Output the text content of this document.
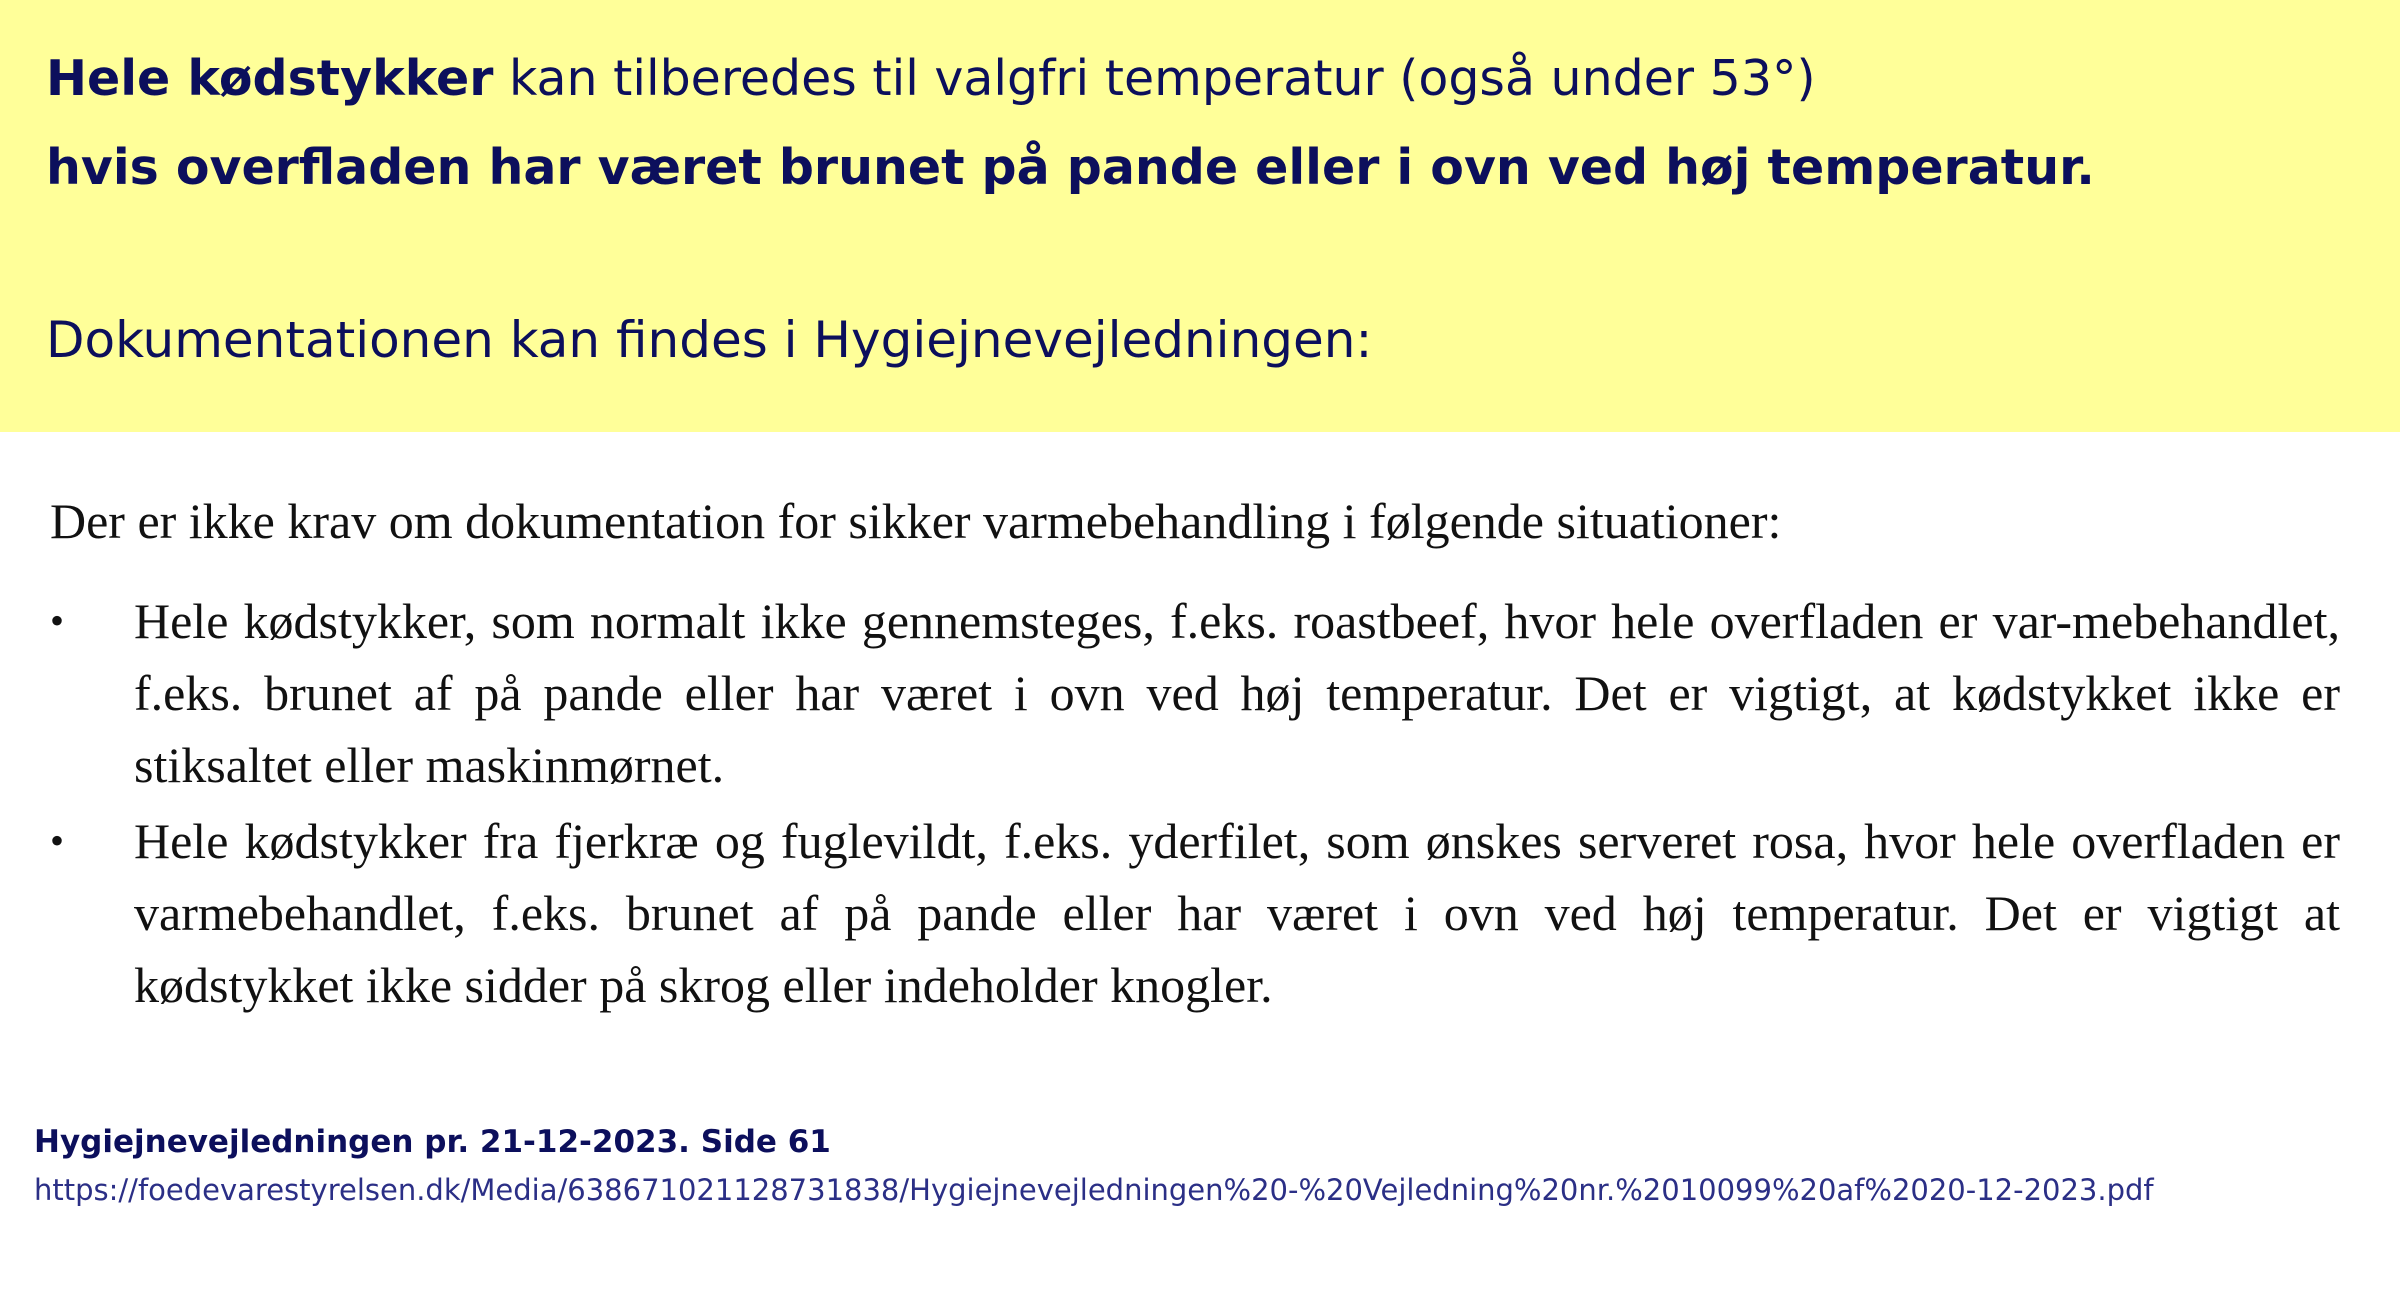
Hele kødstykker kan tilberedes til valgfri temperatur (også under 53°)

hvis overfladen har været brunet på pande eller i ovn ved høj temperatur.

Dokumentationen kan findes i Hygiejnevejledningen:

Der er ikke krav om dokumentation for sikker varmebehandling i følgende situationer:

• Hele kødstykker, som normalt ikke gennemsteges, f.eks. roastbeef, hvor hele overfladen er var-mebehandlet, f.eks. brunet af på pande eller har været i ovn ved høj temperatur. Det er vigtigt, at kødstykket ikke er stiksaltet eller maskinmørnet.
• Hele kødstykker fra fjerkræ og fuglevildt, f.eks. yderfilet, som ønskes serveret rosa, hvor hele overfladen er varmebehandlet, f.eks. brunet af på pande eller har været i ovn ved høj temperatur. Det er vigtigt at kødstykket ikke sidder på skrog eller indeholder knogler.

Hygiejnevejledningen pr. 21-12-2023. Side 61

https://foedevarestyrelsen.dk/Media/638671021128731838/Hygiejnevejledningen%20-%20Vejledning%20nr.%2010099%20af%2020-12-2023.pdf
